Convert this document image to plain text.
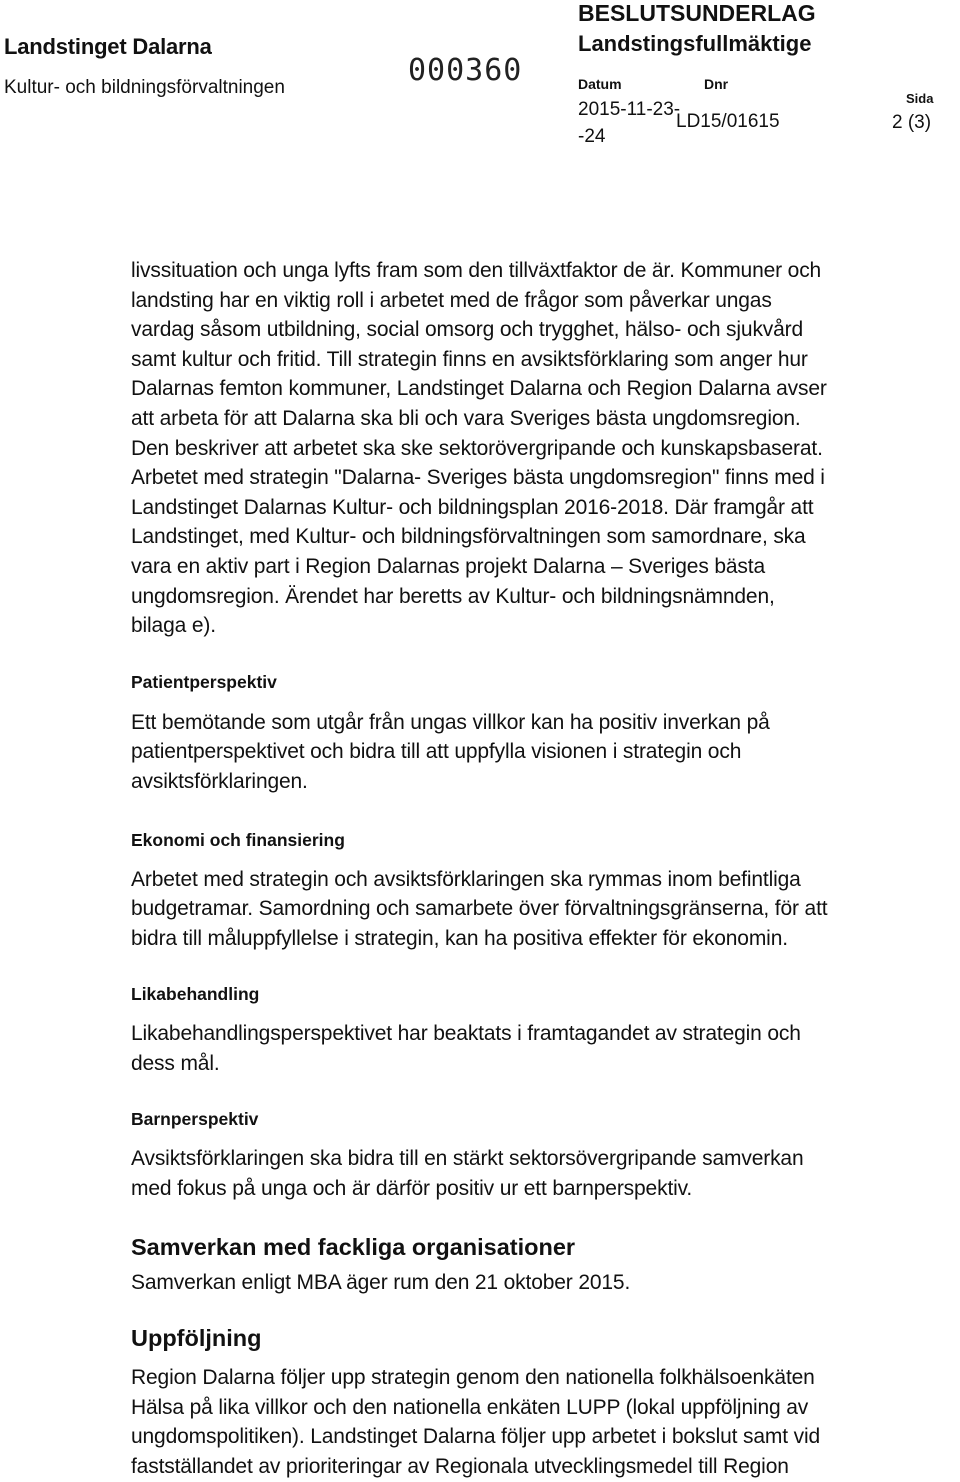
Landstinget Dalarna
Kultur- och bildningsförvaltningen	000360
BESLUTSUNDERLAG
Landstingsfullmäktige
Datum	Dnr
Sida
2015-11-23-
-24
LD15/01615	2 (3)
livssituation och unga lyfts fram som den tillväxtfaktor de är. Kommuner och
landsting har en viktig roll i arbetet med de frågor som påverkar ungas
vardag såsom utbildning, social omsorg och trygghet, hälso- och sjukvård
samt kultur och fritid. Till strategin finns en avsiktsförklaring som anger hur
Dalarnas femton kommuner, Landstinget Dalarna och Region Dalarna avser
att arbeta för att Dalarna ska bli och vara Sveriges bästa ungdomsregion.
Den beskriver att arbetet ska ske sektorövergripande och kunskapsbaserat.
Arbetet med strategin "Dalarna- Sveriges bästa ungdomsregion" finns med i
Landstinget Dalarnas Kultur- och bildningsplan 2016-2018. Där framgår att
Landstinget, med Kultur- och bildningsförvaltningen som samordnare, ska
vara en aktiv part i Region Dalarnas projekt Dalarna – Sveriges bästa
ungdomsregion. Ärendet har beretts av Kultur- och bildningsnämnden,
bilaga e).
Patientperspektiv
Ett bemötande som utgår från ungas villkor kan ha positiv inverkan på
patientperspektivet och bidra till att uppfylla visionen i strategin och
avsiktsförklaringen.
Ekonomi och finansiering
Arbetet med strategin och avsiktsförklaringen ska rymmas inom befintliga
budgetramar. Samordning och samarbete över förvaltningsgränserna, för att
bidra till måluppfyllelse i strategin, kan ha positiva effekter för ekonomin.
Likabehandling
Likabehandlingsperspektivet har beaktats i framtagandet av strategin och
dess mål.
Barnperspektiv
Avsiktsförklaringen ska bidra till en stärkt sektorsövergripande samverkan
med fokus på unga och är därför positiv ur ett barnperspektiv.
Samverkan med fackliga organisationer
Samverkan enligt MBA äger rum den 21 oktober 2015.
Uppföljning
Region Dalarna följer upp strategin genom den nationella folkhälsoenkäten
Hälsa på lika villkor och den nationella enkäten LUPP (lokal uppföljning av
ungdomspolitiken). Landstinget Dalarna följer upp arbetet i bokslut samt vid
fastställandet av prioriteringar av Regionala utvecklingsmedel till Region
